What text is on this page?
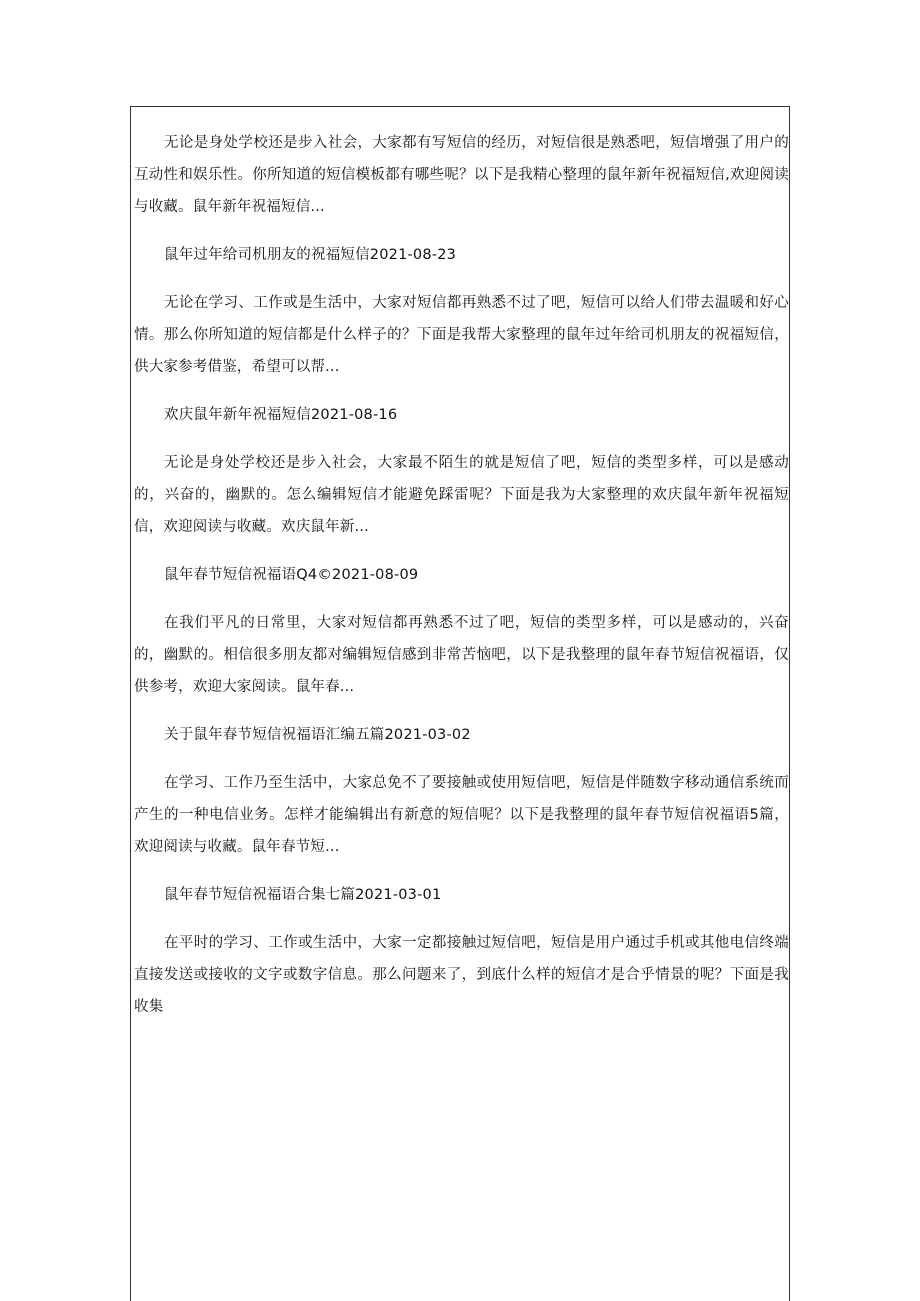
无论是身处学校还是步入社会，大家都有写短信的经历，对短信很是熟悉吧，短信增强了用户的互动性和娱乐性。你所知道的短信模板都有哪些呢？以下是我精心整理的鼠年新年祝福短信,欢迎阅读与收藏。鼠年新年祝福短信...

鼠年过年给司机朋友的祝福短信2021-08-23

无论在学习、工作或是生活中，大家对短信都再熟悉不过了吧，短信可以给人们带去温暖和好心情。那么你所知道的短信都是什么样子的？下面是我帮大家整理的鼠年过年给司机朋友的祝福短信，供大家参考借鉴，希望可以帮...

欢庆鼠年新年祝福短信2021-08-16

无论是身处学校还是步入社会，大家最不陌生的就是短信了吧，短信的类型多样，可以是感动的，兴奋的，幽默的。怎么编辑短信才能避免踩雷呢？下面是我为大家整理的欢庆鼠年新年祝福短信，欢迎阅读与收藏。欢庆鼠年新...

鼠年春节短信祝福语Q4©2021-08-09

在我们平凡的日常里，大家对短信都再熟悉不过了吧，短信的类型多样，可以是感动的，兴奋的，幽默的。相信很多朋友都对编辑短信感到非常苦恼吧，以下是我整理的鼠年春节短信祝福语，仅供参考，欢迎大家阅读。鼠年春...

关于鼠年春节短信祝福语汇编五篇2021-03-02

在学习、工作乃至生活中，大家总免不了要接触或使用短信吧，短信是伴随数字移动通信系统而产生的一种电信业务。怎样才能编辑出有新意的短信呢？以下是我整理的鼠年春节短信祝福语5篇，欢迎阅读与收藏。鼠年春节短...

鼠年春节短信祝福语合集七篇2021-03-01

在平时的学习、工作或生活中，大家一定都接触过短信吧，短信是用户通过手机或其他电信终端直接发送或接收的文字或数字信息。那么问题来了，到底什么样的短信才是合乎情景的呢？下面是我收集
